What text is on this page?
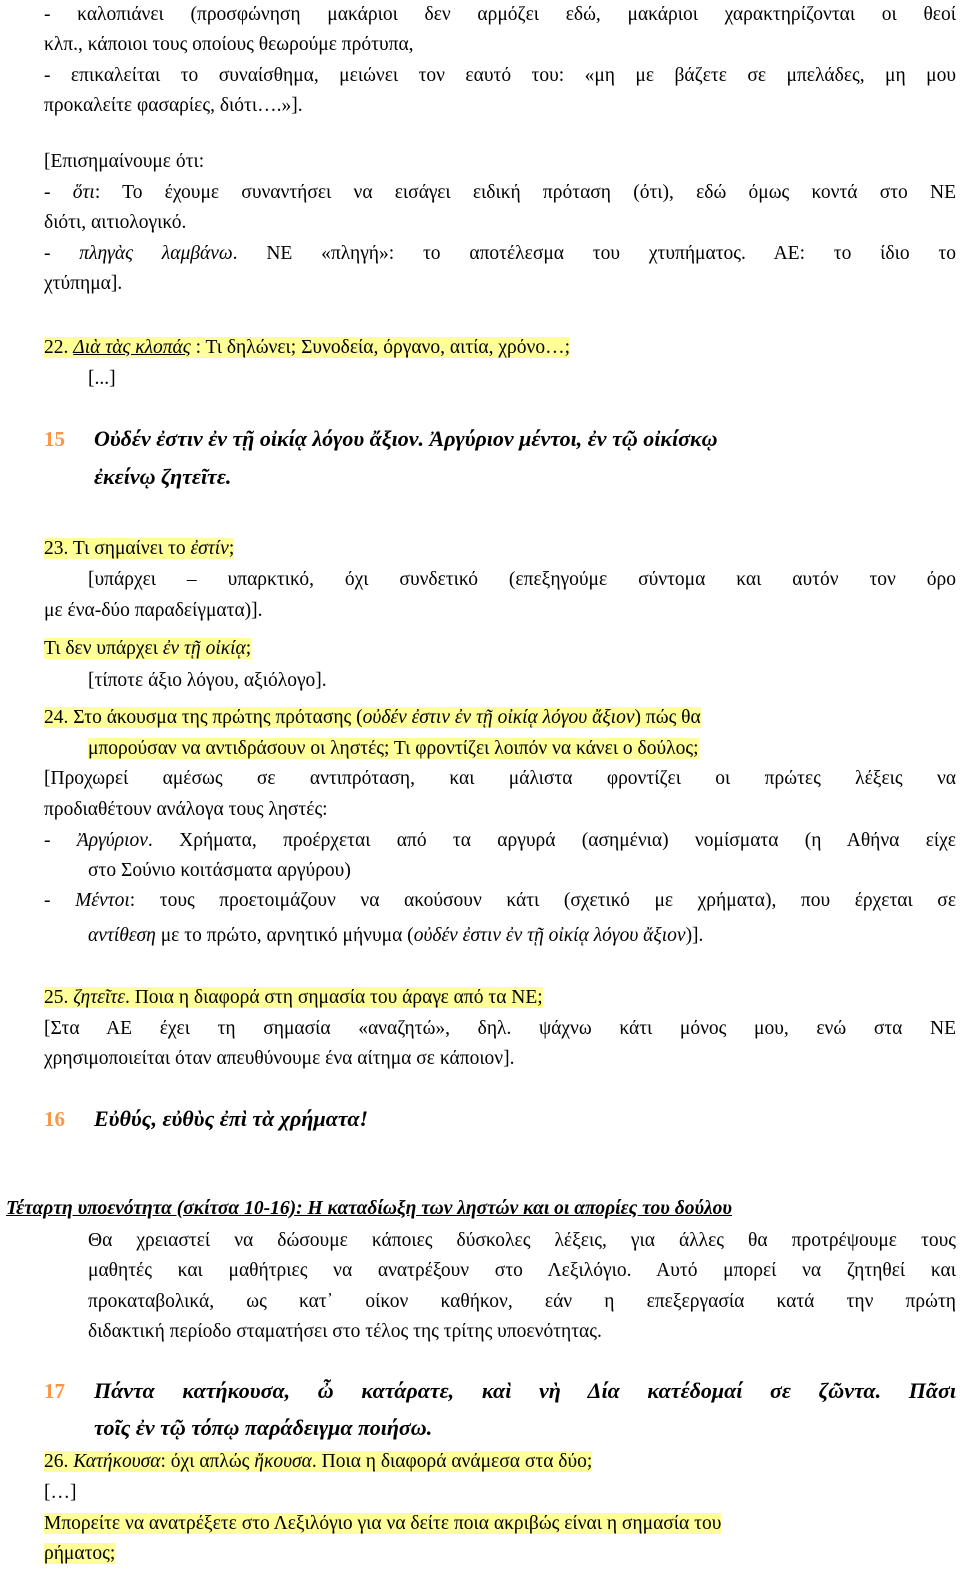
- καλοπιάνει (προσφώνηση μακάριοι δεν αρμόζει εδώ, μακάριοι χαρακτηρίζονται οι θεοί
κλπ., κάποιοι τους οποίους θεωρούμε πρότυπα,
- επικαλείται το συναίσθημα, μειώνει τον εαυτό του: «μη με βάζετε σε μπελάδες, μη μου
προκαλείτε φασαρίες, διότι….»].
[Επισημαίνουμε ότι:
- ὅτι: Το έχουμε συναντήσει να εισάγει ειδική πρόταση (ότι), εδώ όμως κοντά στο ΝΕ
διότι, αιτιολογικό.
- πληγὰς λαμβάνω. ΝΕ «πληγή»: το αποτέλεσμα του χτυπήματος. ΑΕ: το ίδιο το
χτύπημα].
22. Διὰ τὰς κλοπάς : Τι δηλώνει; Συνοδεία, όργανο, αιτία, χρόνο…;
[...]
15 Οὐδέν ἐστιν ἐν τῇ οἰκίᾳ λόγου ἄξιον. Ἀργύριον μέντοι, ἐν τῷ οἰκίσκῳ
ἐκείνῳ ζητεῖτε.
23. Τι σημαίνει το ἐστίν;
[υπάρχει – υπαρκτικό, όχι συνδετικό (επεξηγούμε σύντομα και αυτόν τον όρο
με ένα-δύο παραδείγματα)].
Τι δεν υπάρχει ἐν τῇ οἰκίᾳ;
[τίποτε άξιο λόγου, αξιόλογο].
24. Στο άκουσμα της πρώτης πρότασης (οὐδέν ἐστιν ἐν τῇ οἰκίᾳ λόγου ἄξιον) πώς θα
μπορούσαν να αντιδράσουν οι ληστές; Τι φροντίζει λοιπόν να κάνει ο δούλος;
[Προχωρεί αμέσως σε αντιπρόταση, και μάλιστα φροντίζει οι πρώτες λέξεις να
προδιαθέτουν ανάλογα τους ληστές:
- Ἀργύριον. Χρήματα, προέρχεται από τα αργυρά (ασημένια) νομίσματα (η Αθήνα είχε
στο Σούνιο κοιτάσματα αργύρου)
- Μέντοι: τους προετοιμάζουν να ακούσουν κάτι (σχετικό με χρήματα), που έρχεται σε
αντίθεση με το πρώτο, αρνητικό μήνυμα (οὐδέν ἐστιν ἐν τῇ οἰκίᾳ λόγου ἄξιον)].
25. ζητεῖτε. Ποια η διαφορά στη σημασία του άραγε από τα ΝΕ;
[Στα ΑΕ έχει τη σημασία «αναζητώ», δηλ. ψάχνω κάτι μόνος μου, ενώ στα ΝΕ
χρησιμοποιείται όταν απευθύνουμε ένα αίτημα σε κάποιον].
16 Εὐθύς, εὐθὺς ἐπὶ τὰ χρήματα!
Τέταρτη υποενότητα (σκίτσα 10-16): Η καταδίωξη των ληστών και οι απορίες του δούλου
Θα χρειαστεί να δώσουμε κάποιες δύσκολες λέξεις, για άλλες θα προτρέψουμε τους
μαθητές και μαθήτριες να ανατρέξουν στο Λεξιλόγιο. Αυτό μπορεί να ζητηθεί και
προκαταβολικά, ως κατ᾽ οίκον καθήκον, εάν η επεξεργασία κατά την πρώτη
διδακτική περίοδο σταματήσει στο τέλος της τρίτης υποενότητας.
17 Πάντα κατήκουσα, ὦ κατάρατε, καὶ νὴ Δία κατέδομαί σε ζῶντα. Πᾶσι
τοῖς ἐν τῷ τόπῳ παράδειγμα ποιήσω.
26. Κατήκουσα: όχι απλώς ἤκουσα. Ποια η διαφορά ανάμεσα στα δύο;
[…]
Μπορείτε να ανατρέξετε στο Λεξιλόγιο για να δείτε ποια ακριβώς είναι η σημασία του
ρήματος;
